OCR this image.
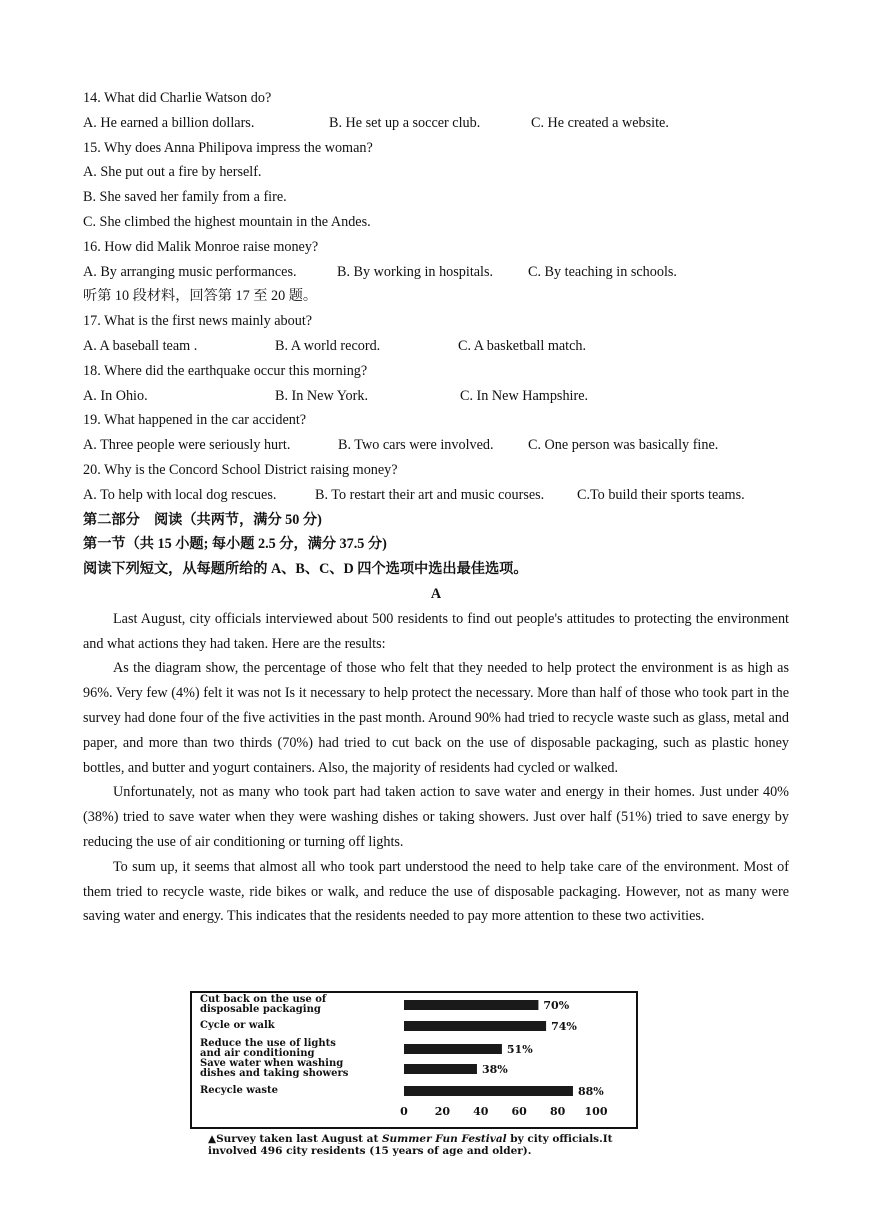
14. What did Charlie Watson do?
A. He earned a billion dollars.	B. He set up a soccer club.	C. He created a website.
15. Why does Anna Philipova impress the woman?
A. She put out a fire by herself.
B. She saved her family from a fire.
C. She climbed the highest mountain in the Andes.
16. How did Malik Monroe raise money?
A. By arranging music performances.	B. By working in hospitals. C. By teaching in schools.
听第 10 段材料，回答第 17 至 20 题。
17. What is the first news mainly about?
A. A baseball team .	B. A world record.	C. A basketball match.
18. Where did the earthquake occur this morning?
A. In Ohio.	B. In New York.	C. In New Hampshire.
19. What happened in the car accident?
A. Three people were seriously hurt.	B. Two cars were involved. C. One person was basically fine.
20. Why is the Concord School District raising money?
A. To help with local dog rescues.	B. To restart their art and music courses. C.To build their sports teams.
第二部分　阅读（共两节，满分 50 分)
第一节（共 15 小题; 每小题 2.5 分，满分 37.5 分)
阅读下列短文，从每题所给的 A、B、C、D 四个选项中选出最佳选项。
A

Last August, city officials interviewed about 500 residents to find out people's attitudes to protecting the environment and what actions they had taken. Here are the results:

As the diagram show, the percentage of those who felt that they needed to help protect the environment is as high as 96%. Very few (4%) felt it was not Is it necessary to help protect the necessary. More than half of those who took part in the survey had done four of the five activities in the past month. Around 90% had tried to recycle waste such as glass, metal and paper, and more than two thirds (70%) had tried to cut back on the use of disposable packaging, such as plastic honey bottles, and butter and yogurt containers. Also, the majority of residents had cycled or walked.

Unfortunately, not as many who took part had taken action to save water and energy in their homes. Just under 40% (38%) tried to save water when they were washing dishes or taking showers. Just over half (51%) tried to save energy by reducing the use of air conditioning or turning off lights.

To sum up, it seems that almost all who took part understood the need to help take care of the environment. Most of them tried to recycle waste, ride bikes or walk, and reduce the use of disposable packaging. However, not as many were saving water and energy. This indicates that the residents needed to pay more attention to these two activities.

70%
74%
51%
38%
88%
0 20 40 60 80 100
Cut back on the use of
disposable packaging
Cycle or walk
Reduce the use of lights
and air conditioning
Save water when washing
dishes and taking showers
Recycle waste
▲Survey taken last August at Summer Fun Festival by city officials.It involved 496 city residents (15 years of age and older).
